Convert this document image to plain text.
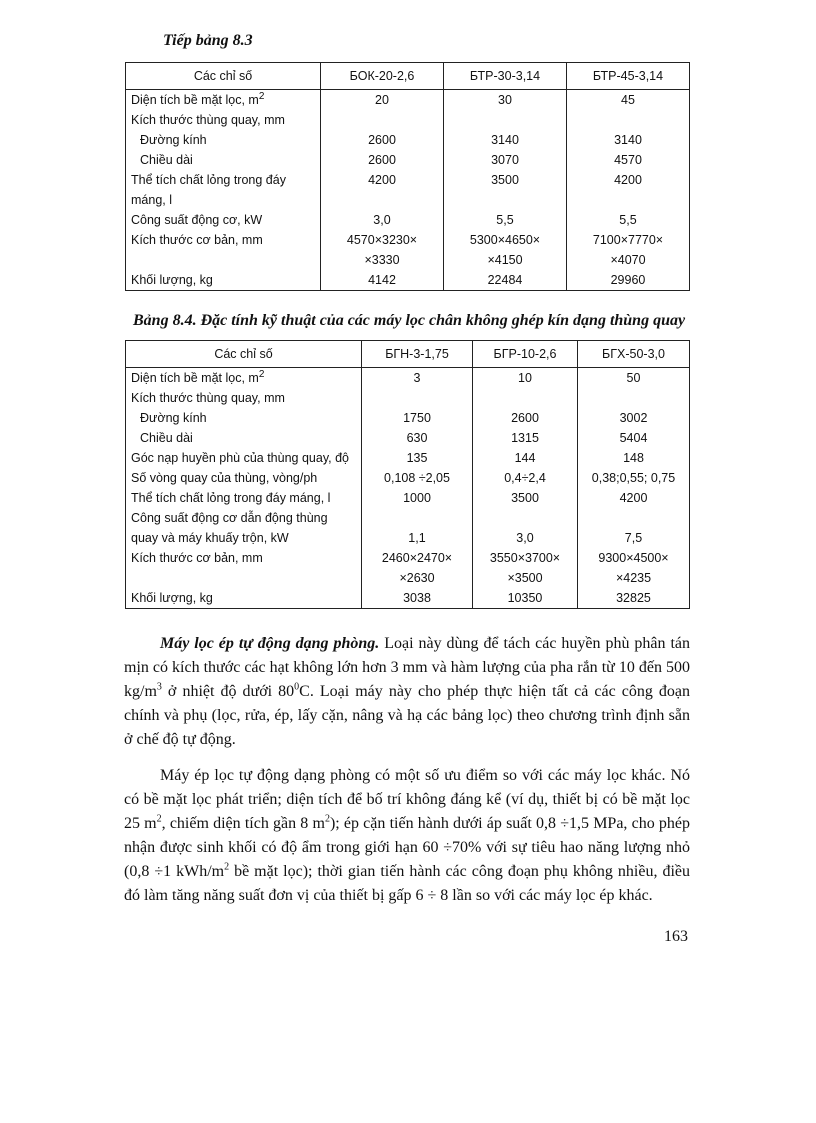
Tiếp bảng 8.3
Các chỉ số	БОК-20-2,6	БТР-30-3,14	БТР-45-3,14
Diện tích bề mặt lọc, $m^2$	20	30	45
Kích thước thùng quay, mm			
Đường kính	2600	3140	3140
Chiều dài	2600	3070	4570
Thể tích chất lỏng trong đáy	4200	3500	4200
máng, l			
Công suất động cơ, kW	3,0	5,5	5,5
Kích thước cơ bản, mm	4570×3230×	5300×4650×	7100×7770×
	×3330	×4150	×4070
Khối lượng, kg	4142	22484	29960
Bảng 8.4. Đặc tính kỹ thuật của các máy lọc chân không ghép kín dạng thùng quay
Các chỉ số	БГН-3-1,75	БГР-10-2,6	БГХ-50-3,0
Diện tích bề mặt lọc, $m^2$	3	10	50
Kích thước thùng quay, mm			
Đường kính	1750	2600	3002
Chiều dài	630	1315	5404
Góc nạp huyền phù của thùng quay, độ	135	144	148
Số vòng quay của thùng, vòng/ph	0,108 ÷2,05	0,4÷2,4	0,38;0,55; 0,75
Thể tích chất lỏng trong đáy máng, l	1000	3500	4200
Công suất động cơ dẫn động thùng			
quay và máy khuấy trộn, kW	1,1	3,0	7,5
Kích thước cơ bản, mm	2460×2470×	3550×3700×	9300×4500×
	×2630	×3500	×4235
Khối lượng, kg	3038	10350	32825

Máy lọc ép tự động dạng phòng. Loại này dùng để tách các huyền phù phân tán mịn có kích thước các hạt không lớn hơn 3 mm và hàm lượng của pha rắn từ 10 đến 500 $kg/m^3$ ở nhiệt độ dưới $80^0C$. Loại máy này cho phép thực hiện tất cả các công đoạn chính và phụ (lọc, rửa, ép, lấy cặn, nâng và hạ các bảng lọc) theo chương trình định sẵn ở chế độ tự động.

Máy ép lọc tự động dạng phòng có một số ưu điểm so với các máy lọc khác. Nó có bề mặt lọc phát triển; diện tích để bố trí không đáng kể (ví dụ, thiết bị có bề mặt lọc 25 $m^2$, chiếm diện tích gần 8 $m^2$); ép cặn tiến hành dưới áp suất 0,8 ÷1,5 MPa, cho phép nhận được sinh khối có độ ẩm trong giới hạn 60 ÷70% với sự tiêu hao năng lượng nhỏ (0,8 ÷1 kWh/$m^2$ bề mặt lọc); thời gian tiến hành các công đoạn phụ không nhiều, điều đó làm tăng năng suất đơn vị của thiết bị gấp 6 ÷ 8 lần so với các máy lọc ép khác.

163
